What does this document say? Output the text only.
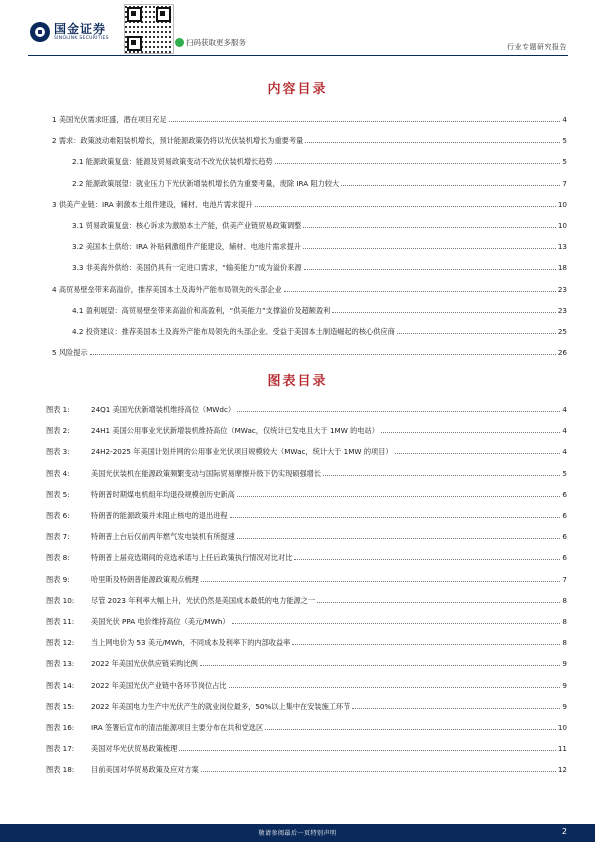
国金证券
SINOLINK SECURITIES	扫码获取更多服务	行业专题研究报告
内容目录
1 美国光伏需求旺盛，潜在项目充足	4
2 需求：政策波动难阻装机增长，预计能源政策仍将以光伏装机增长为重要考量	5
2.1 能源政策复盘：能源及贸易政策变动不改光伏装机增长趋势	5
2.2 能源政策展望：就业压力下光伏新增装机增长仍为重要考量，废除 IRA 阻力较大	7
3 供美产业链：IRA 刺激本土组件建设，辅材、电池片需求提升	10
3.1 贸易政策复盘：核心诉求为激励本土产能，供美产业链贸易政策调整	10
3.2 美国本土供给：IRA 补贴刺激组件产能建设，辅材、电池片需求提升	13
3.3 非美海外供给：美国仍具有一定进口需求，“输美能力”成为溢价来源	18
4 高贸易壁垒带来高溢价，推荐美国本土及海外产能布局领先的头部企业	23
4.1 盈利展望：高贸易壁垒带来高溢价和高盈利，“供美能力”支撑溢价及超额盈利	23
4.2 投资建议：推荐美国本土及海外产能布局领先的头部企业、受益于美国本土制造崛起的核心供应商	25
5 风险提示	26
图表目录
图表 1:	24Q1 美国光伏新增装机维持高位（MWdc）	4
图表 2:	24H1 美国公用事业光伏新增装机维持高位（MWac，仅统计已发电且大于 1MW 的电站）	4
图表 3:	24H2-2025 年美国计划并网的公用事业光伏项目规模较大（MWac，统计大于 1MW 的项目）	4
图表 4:	美国光伏装机在能源政策频繁变动与国际贸易摩擦升级下仍实现硕强增长	5
图表 5:	特朗普时期煤电机组年均退役规模创历史新高	6
图表 6:	特朗普的能源政策并未阻止核电的退出进程	6
图表 7:	特朗普上台后仅前两年燃气发电装机有所提速	6
图表 8:	特朗普上届竞选期间的竞选承诺与上任后政策执行情况对比对比	6
图表 9:	哈里斯及特朗普能源政策观点梳理	7
图表 10: 尽管 2023 年利率大幅上升，光伏仍然是美国成本最低的电力能源之一	8
图表 11: 美国光伏 PPA 电价维持高位（美元/MWh）	8
图表 12: 当上网电价为 53 美元/MWh，不同成本及利率下的内部收益率	8
图表 13: 2022 年美国光伏供应链采购比例	9
图表 14: 2022 年美国光伏产业链中各环节岗位占比	9
图表 15: 2022 年美国电力生产中光伏产生的就业岗位最多，50%以上集中在安装施工环节	9
图表 16: IRA 签署后宣布的清洁能源项目主要分布在共和党选区	10
图表 17: 美国对华光伏贸易政策梳理	11
图表 18: 目前美国对华贸易政策及应对方案	12
敬请参阅最后一页特别声明	2
